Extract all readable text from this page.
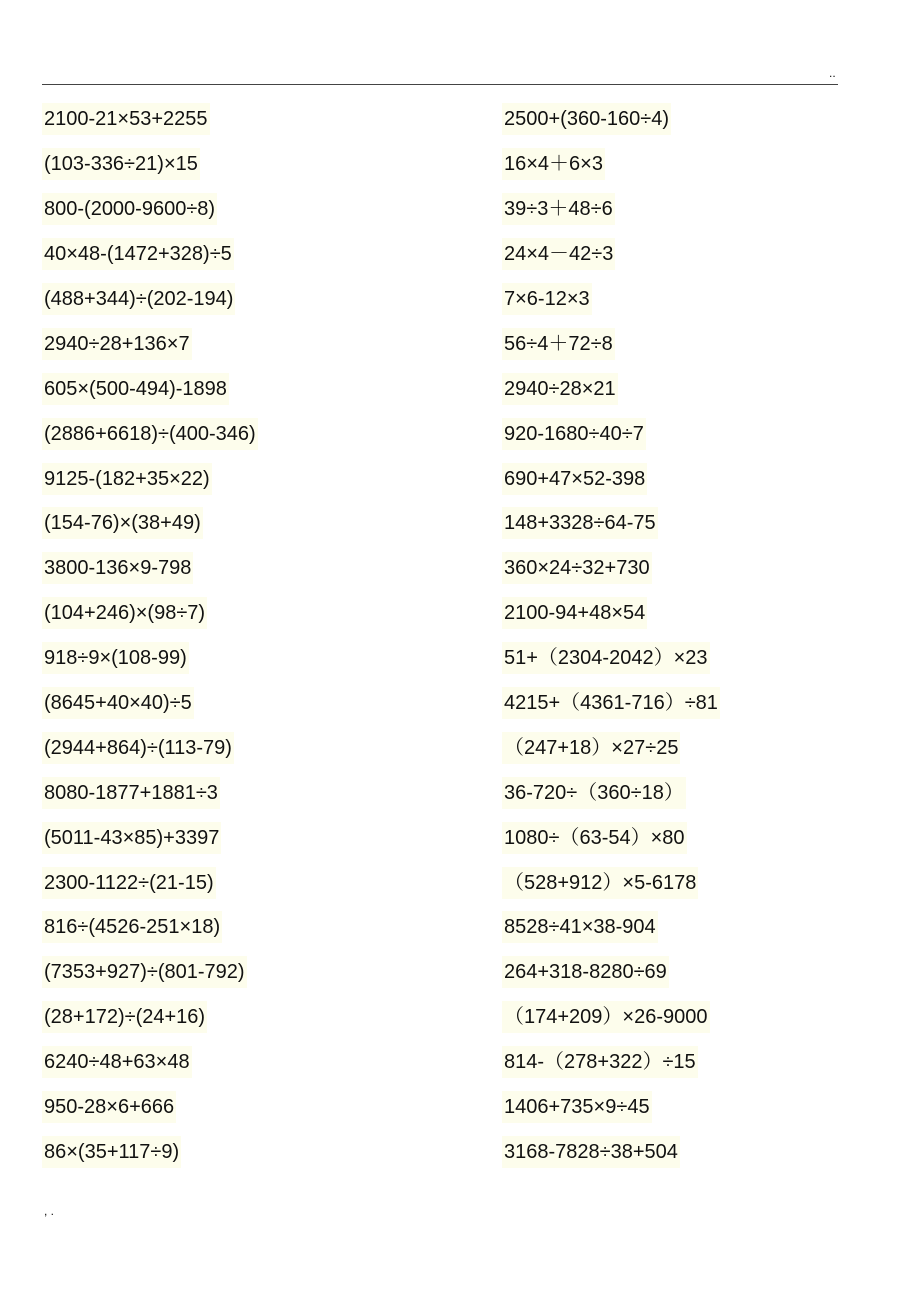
..
2100-21×53+2255
(103-336÷21)×15
800-(2000-9600÷8)
40×48-(1472+328)÷5
(488+344)÷(202-194)
2940÷28+136×7
605×(500-494)-1898
(2886+6618)÷(400-346)
9125-(182+35×22)
(154-76)×(38+49)
3800-136×9-798
(104+246)×(98÷7)
918÷9×(108-99)
(8645+40×40)÷5
(2944+864)÷(113-79)
8080-1877+1881÷3
(5011-43×85)+3397
2300-1122÷(21-15)
816÷(4526-251×18)
(7353+927)÷(801-792)
(28+172)÷(24+16)
6240÷48+63×48
950-28×6+666
86×(35+117÷9)
2500+(360-160÷4)
16×4＋6×3
39÷3＋48÷6
24×4－42÷3
7×6-12×3
56÷4＋72÷8
2940÷28×21
920-1680÷40÷7
690+47×52-398
148+3328÷64-75
360×24÷32+730
2100-94+48×54
51+（2304-2042）×23
4215+（4361-716）÷81
（247+18）×27÷25
36-720÷（360÷18）
1080÷（63-54）×80
（528+912）×5-6178
8528÷41×38-904
264+318-8280÷69
（174+209）×26-9000
814-（278+322）÷15
1406+735×9÷45
3168-7828÷38+504
, .
